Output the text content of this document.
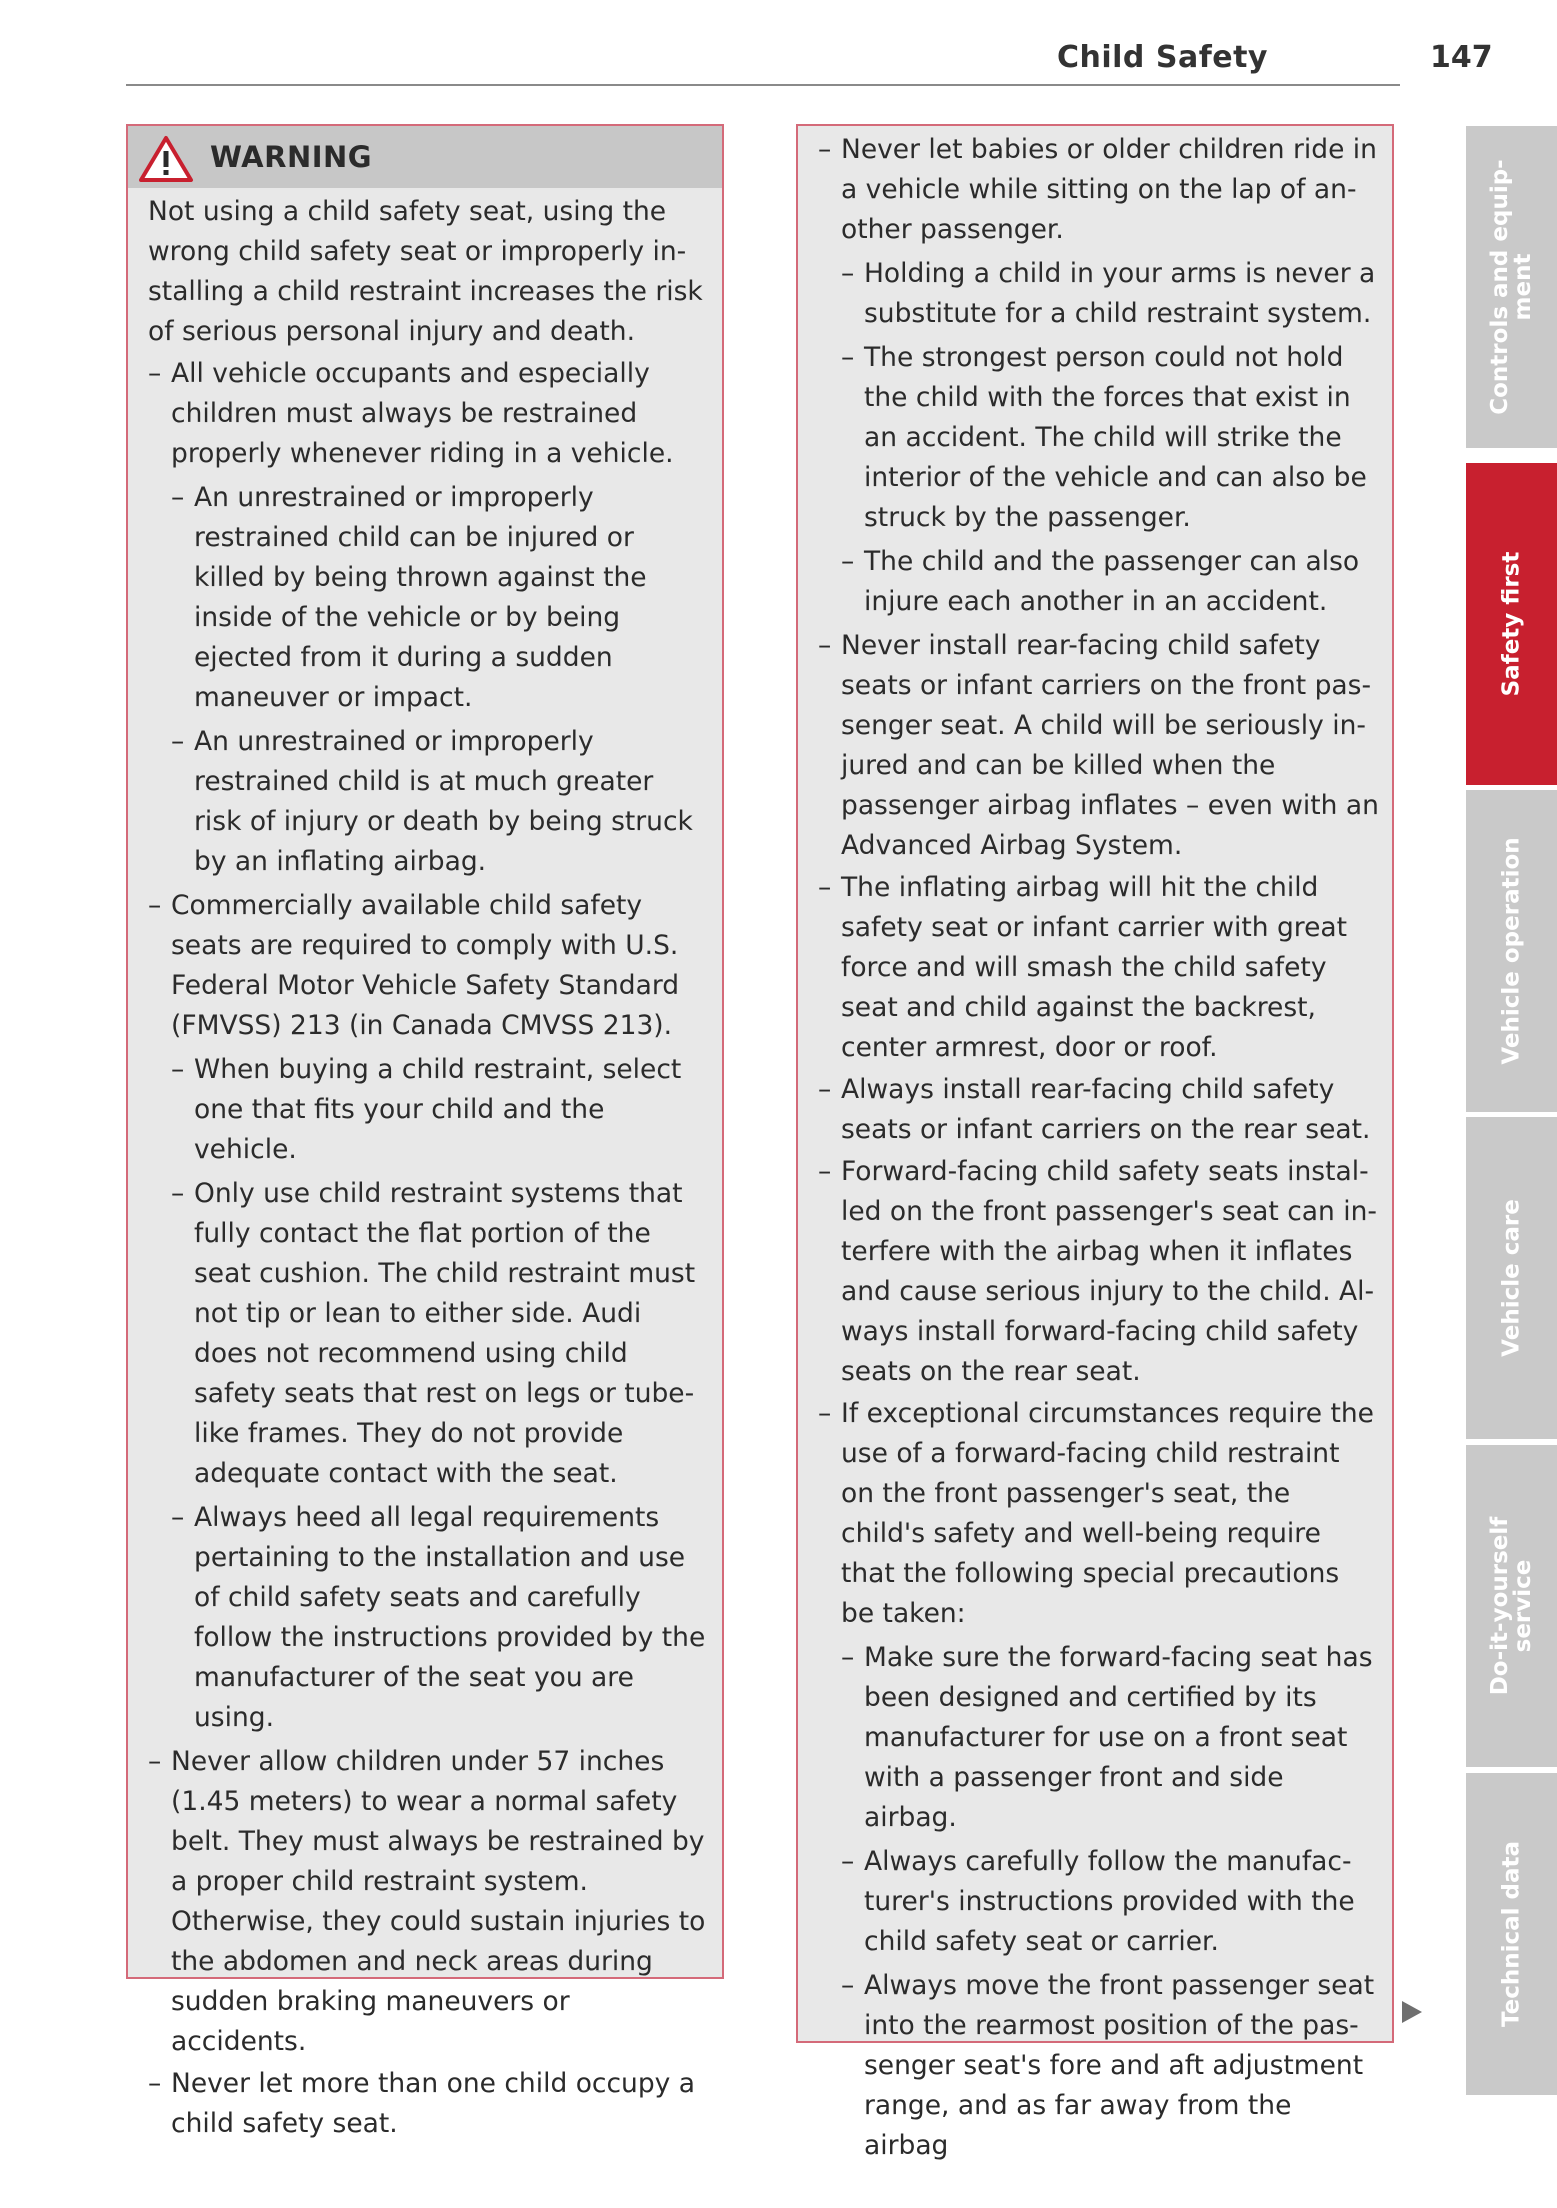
Child Safety	147
WARNING
Not using a child safety seat, using the wrong child safety seat or improperly installing a child restraint increases the risk of serious personal injury and death.
– All vehicle occupants and especially children must always be restrained properly whenever riding in a vehicle.
– An unrestrained or improperly restrained child can be injured or killed by being thrown against the inside of the vehicle or by being ejected from it during a sudden maneuver or impact.
– An unrestrained or improperly restrained child is at much greater risk of injury or death by being struck by an inflating airbag.
– Commercially available child safety seats are required to comply with U.S. Federal Motor Vehicle Safety Standard (FMVSS) 213 (in Canada CMVSS 213).
– When buying a child restraint, select one that fits your child and the vehicle.
– Only use child restraint systems that fully contact the flat portion of the seat cushion. The child restraint must not tip or lean to either side. Audi does not recommend using child safety seats that rest on legs or tube-like frames. They do not provide adequate contact with the seat.
– Always heed all legal requirements pertaining to the installation and use of child safety seats and carefully follow the instructions provided by the manufacturer of the seat you are using.
– Never allow children under 57 inches (1.45 meters) to wear a normal safety belt. They must always be restrained by a proper child restraint system. Otherwise, they could sustain injuries to the abdomen and neck areas during sudden braking maneuvers or accidents.
– Never let more than one child occupy a child safety seat.
– Never let babies or older children ride in a vehicle while sitting on the lap of another passenger.
– Holding a child in your arms is never a substitute for a child restraint system.
– The strongest person could not hold the child with the forces that exist in an accident. The child will strike the interior of the vehicle and can also be struck by the passenger.
– The child and the passenger can also injure each another in an accident.
– Never install rear-facing child safety seats or infant carriers on the front passenger seat. A child will be seriously injured and can be killed when the passenger airbag inflates – even with an Advanced Airbag System.
– The inflating airbag will hit the child safety seat or infant carrier with great force and will smash the child safety seat and child against the backrest, center armrest, door or roof.
– Always install rear-facing child safety seats or infant carriers on the rear seat.
– Forward-facing child safety seats installed on the front passenger's seat can interfere with the airbag when it inflates and cause serious injury to the child. Always install forward-facing child safety seats on the rear seat.
– If exceptional circumstances require the use of a forward-facing child restraint on the front passenger's seat, the child's safety and well-being require that the following special precautions be taken:
– Make sure the forward-facing seat has been designed and certified by its manufacturer for use on a front seat with a passenger front and side airbag.
– Always carefully follow the manufacturer's instructions provided with the child safety seat or carrier.
– Always move the front passenger seat into the rearmost position of the passenger seat's fore and aft adjustment range, and as far away from the airbag
Controls and equip-
ment
Safety first
Vehicle operation
Vehicle care
Do-it-yourself
service
Technical data
